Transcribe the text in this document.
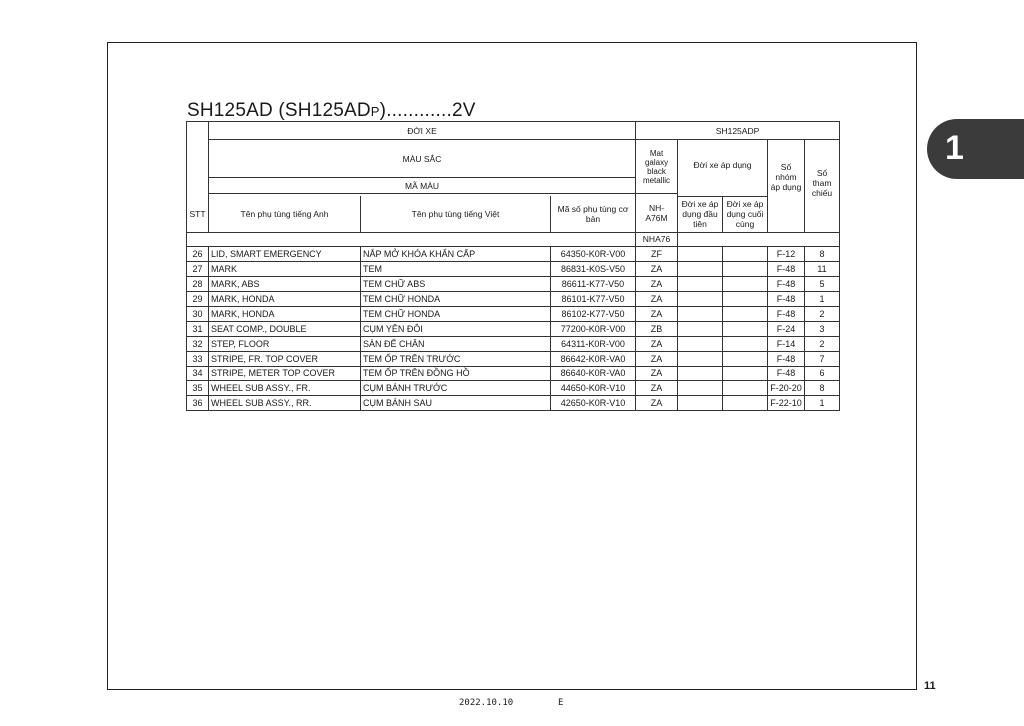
SH125AD (SH125ADP)............2V
	ĐỜI XE			SH125ADP				
	MÀU SẮC			Mat galaxy black metallic	Đời xe áp dụng		Số nhóm áp dụng	Số tham chiếu
	MÃ MÀU							
				NH-A76M				
STT	Tên phụ tùng tiếng Anh	Tên phụ tùng tiếng Việt	Mã số phụ tùng cơ bản		Đời xe áp dụng đầu tiên	Đời xe áp dụng cuối cùng		
				NHA76				
26	LID, SMART EMERGENCY	NẮP MỞ KHÓA KHẨN CẤP	64350-K0R-V00	ZF			F-12	8
27	MARK	TEM	86831-K0S-V50	ZA			F-48	11
28	MARK, ABS	TEM CHỮ ABS	86611-K77-V50	ZA			F-48	5
29	MARK, HONDA	TEM CHỮ HONDA	86101-K77-V50	ZA			F-48	1
30	MARK, HONDA	TEM CHỮ HONDA	86102-K77-V50	ZA			F-48	2
31	SEAT COMP., DOUBLE	CỤM YÊN ĐÔI	77200-K0R-V00	ZB			F-24	3
32	STEP, FLOOR	SÀN ĐỂ CHÂN	64311-K0R-V00	ZA			F-14	2
33	STRIPE, FR. TOP COVER	TEM ỐP TRÊN TRƯỚC	86642-K0R-VA0	ZA			F-48	7
34	STRIPE, METER TOP COVER	TEM ỐP TRÊN ĐỒNG HỒ	86640-K0R-VA0	ZA			F-48	6
35	WHEEL SUB ASSY., FR.	CỤM BÁNH TRƯỚC	44650-K0R-V10	ZA			F-20-20	8
36	WHEEL SUB ASSY., RR.	CỤM BÁNH SAU	42650-K0R-V10	ZA			F-22-10	1
1
11
2022.10.10	E
